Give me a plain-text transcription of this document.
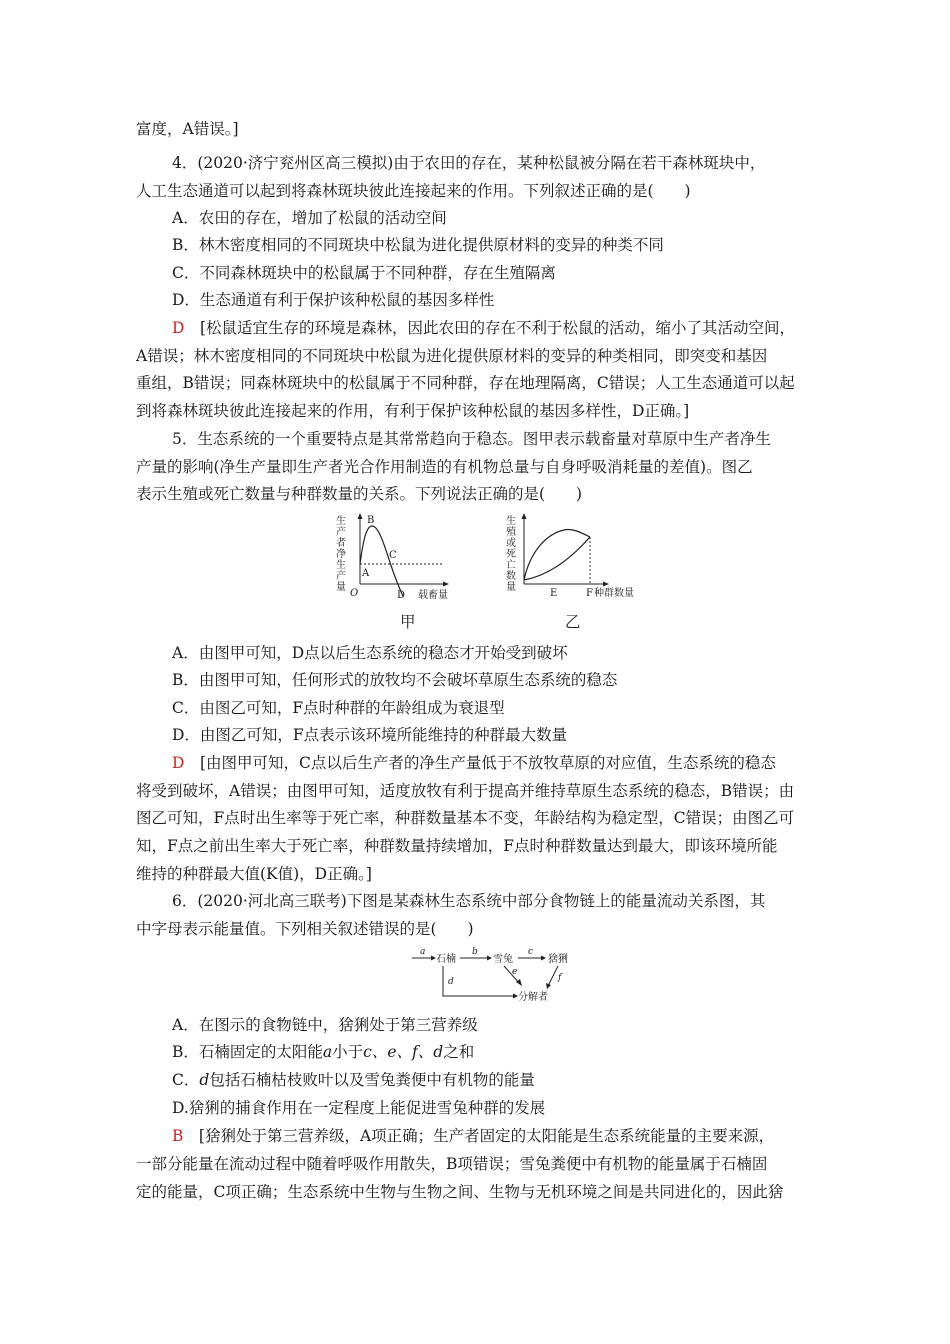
富度，A错误。]
4．(2020·济宁兖州区高三模拟)由于农田的存在，某种松鼠被分隔在若干森林斑块中，
人工生态通道可以起到将森林斑块彼此连接起来的作用。下列叙述正确的是(　　)
A．农田的存在，增加了松鼠的活动空间
B．林木密度相同的不同斑块中松鼠为进化提供原材料的变异的种类不同
C．不同森林斑块中的松鼠属于不同种群，存在生殖隔离
D．生态通道有利于保护该种松鼠的基因多样性
D　[松鼠适宜生存的环境是森林，因此农田的存在不利于松鼠的活动，缩小了其活动空间，
A错误；林木密度相同的不同斑块中松鼠为进化提供原材料的变异的种类相同，即突变和基因
重组，B错误；同森林斑块中的松鼠属于不同种群，存在地理隔离，C错误；人工生态通道可以起
到将森林斑块彼此连接起来的作用，有利于保护该种松鼠的基因多样性，D正确。]
5．生态系统的一个重要特点是其常常趋向于稳态。图甲表示载畜量对草原中生产者净生
产量的影响(净生产量即生产者光合作用制造的有机物总量与自身呼吸消耗量的差值)。图乙
表示生殖或死亡数量与种群数量的关系。下列说法正确的是(　　)
生
产
者
净
生
产
量
O
A
B
C
D 载畜量
甲
生
殖
或
死
亡
数
量
E	F 种群数量
乙
A．由图甲可知，D点以后生态系统的稳态才开始受到破坏
B．由图甲可知，任何形式的放牧均不会破坏草原生态系统的稳态
C．由图乙可知，F点时种群的年龄组成为衰退型
D．由图乙可知，F点表示该环境所能维持的种群最大数量
D　[由图甲可知，C点以后生产者的净生产量低于不放牧草原的对应值，生态系统的稳态
将受到破坏，A错误；由图甲可知，适度放牧有利于提高并维持草原生态系统的稳态，B错误；由
图乙可知，F点时出生率等于死亡率，种群数量基本不变，年龄结构为稳定型，C错误；由图乙可
知，F点之前出生率大于死亡率，种群数量持续增加，F点时种群数量达到最大，即该环境所能
维持的种群最大值(K值)，D正确。]
6．(2020·河北高三联考)下图是某森林生态系统中部分食物链上的能量流动关系图，其
中字母表示能量值。下列相关叙述错误的是(　　)
a
石楠
b
雪兔
c
猞猁
d
e
f
分解者
A．在图示的食物链中，猞猁处于第三营养级
B．石楠固定的太阳能a小于c、e、f、d之和
C．d包括石楠枯枝败叶以及雪兔粪便中有机物的能量
D.猞猁的捕食作用在一定程度上能促进雪兔种群的发展
B　[猞猁处于第三营养级，A项正确；生产者固定的太阳能是生态系统能量的主要来源，
一部分能量在流动过程中随着呼吸作用散失，B项错误；雪兔粪便中有机物的能量属于石楠固
定的能量，C项正确；生态系统中生物与生物之间、生物与无机环境之间是共同进化的，因此猞
